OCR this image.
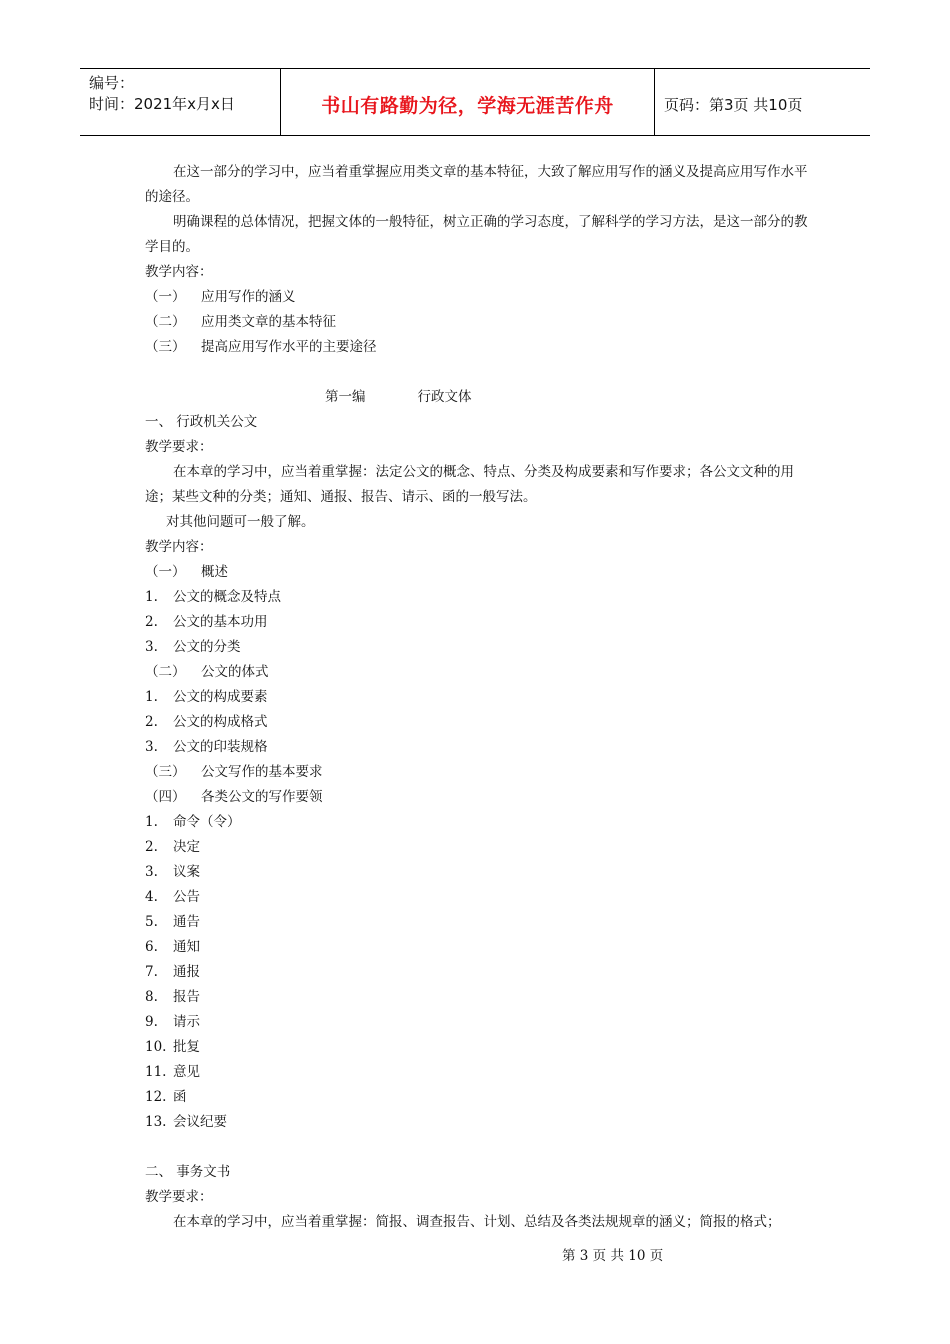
编号：
时间：2021年x月x日	书山有路勤为径，学海无涯苦作舟	页码：第3页 共10页

在这一部分的学习中，应当着重掌握应用类文章的基本特征，大致了解应用写作的涵义及提高应用写作水平的途径。

明确课程的总体情况，把握文体的一般特征，树立正确的学习态度，了解科学的学习方法，是这一部分的教学目的。

教学内容：

（一） 应用写作的涵义

（二） 应用类文章的基本特征

（三） 提高应用写作水平的主要途径

第一编	行政文体

一、 行政机关公文

教学要求：

在本章的学习中，应当着重掌握：法定公文的概念、特点、分类及构成要素和写作要求；各公文文种的用途；某些文种的分类；通知、通报、报告、请示、函的一般写法。

对其他问题可一般了解。

教学内容：

（一） 概述

1. 公文的概念及特点

2. 公文的基本功用

3. 公文的分类

（二） 公文的体式

1. 公文的构成要素

2. 公文的构成格式

3. 公文的印装规格

（三） 公文写作的基本要求

（四） 各类公文的写作要领

1. 命令（令）

2. 决定

3. 议案

4. 公告

5. 通告

6. 通知

7. 通报

8. 报告

9. 请示

10. 批复

11. 意见

12. 函

13. 会议纪要

二、 事务文书

教学要求：

在本章的学习中，应当着重掌握：简报、调查报告、计划、总结及各类法规规章的涵义；简报的格式；

第 3 页 共 10 页
